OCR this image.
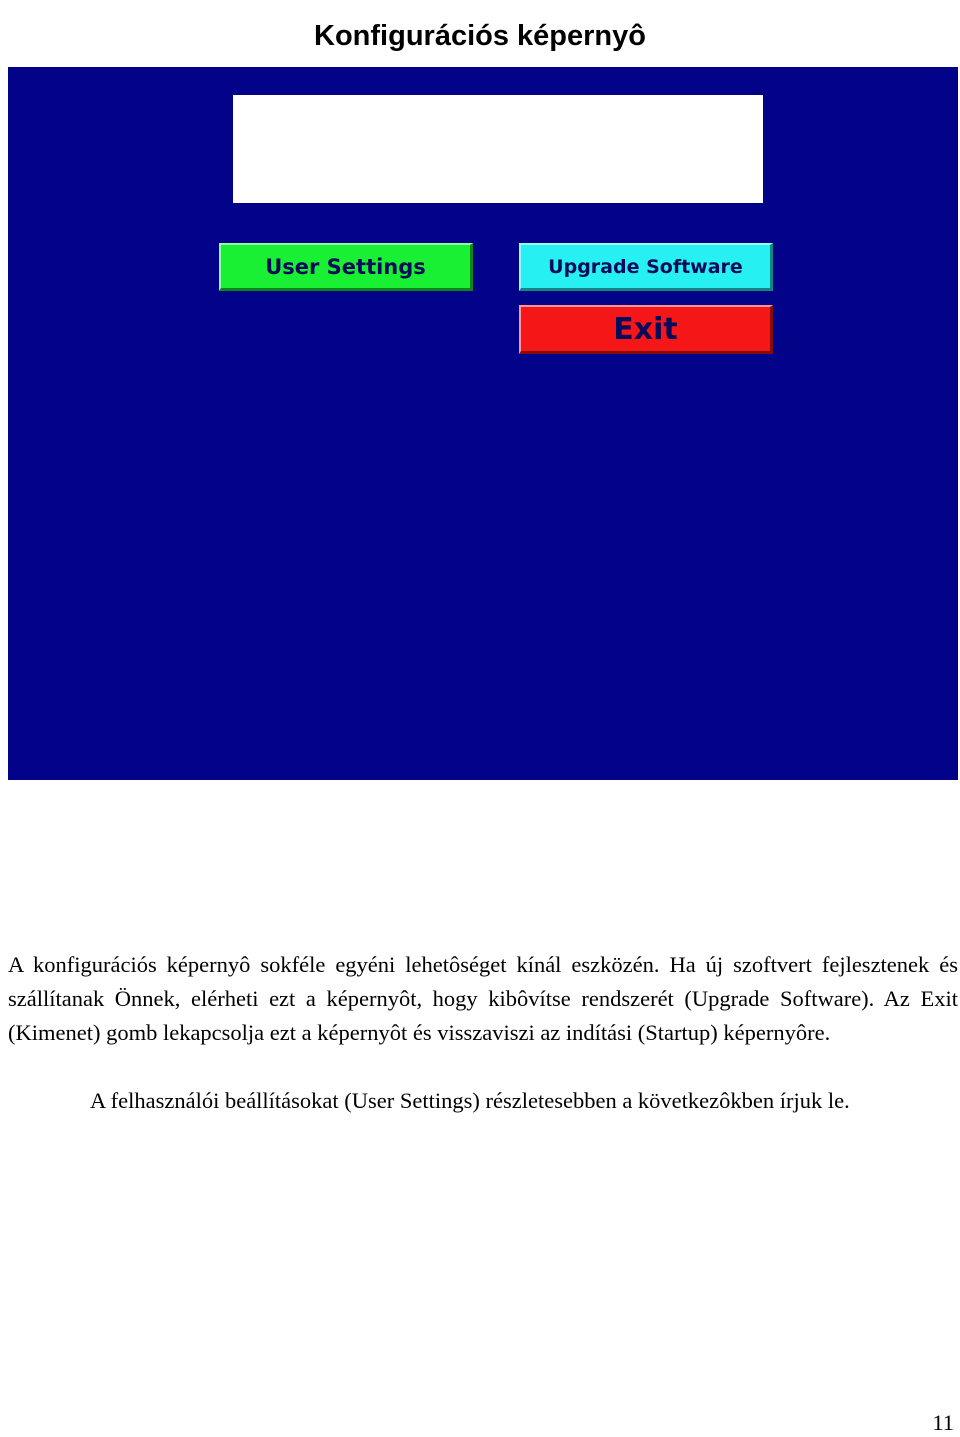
Konfigurációs képernyô
User Settings	Upgrade Software
Exit

A konfigurációs képernyô sokféle egyéni lehetôséget kínál eszközén. Ha új szoftvert fejlesztenek és szállítanak Önnek, elérheti ezt a képernyôt, hogy kibôvítse rendszerét (Upgrade Software). Az Exit (Kimenet) gomb lekapcsolja ezt a képernyôt és visszaviszi az indítási (Startup) képernyôre.

A felhasználói beállításokat (User Settings) részletesebben a következôkben írjuk le.

11
